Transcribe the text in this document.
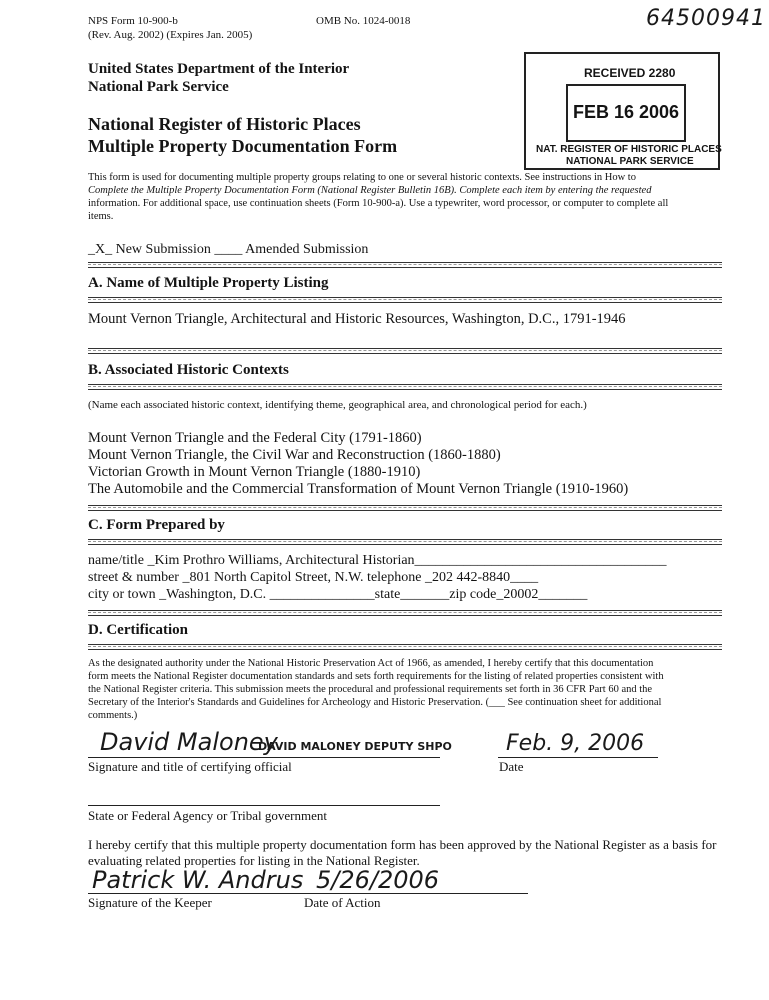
NPS Form 10-900-b	OMB No. 1024-0018
(Rev. Aug. 2002) (Expires Jan. 2005)
64500941
United States Department of the Interior
National Park Service
National Register of Historic Places
Multiple Property Documentation Form
RECEIVED 2280
FEB 16 2006
NAT. REGISTER OF HISTORIC PLACES
NATIONAL PARK SERVICE
This form is used for documenting multiple property groups relating to one or several historic contexts. See instructions in How to
Complete the Multiple Property Documentation Form (National Register Bulletin 16B). Complete each item by entering the requested
information. For additional space, use continuation sheets (Form 10-900-a). Use a typewriter, word processor, or computer to complete all
items.
_X_ New Submission ____ Amended Submission
A. Name of Multiple Property Listing
Mount Vernon Triangle, Architectural and Historic Resources, Washington, D.C., 1791-1946
B. Associated Historic Contexts
(Name each associated historic context, identifying theme, geographical area, and chronological period for each.)
Mount Vernon Triangle and the Federal City (1791-1860)
Mount Vernon Triangle, the Civil War and Reconstruction (1860-1880)
Victorian Growth in Mount Vernon Triangle (1880-1910)
The Automobile and the Commercial Transformation of Mount Vernon Triangle (1910-1960)
C. Form Prepared by
name/title _Kim Prothro Williams, Architectural Historian____________________________________
street & number _801 North Capitol Street, N.W. telephone _202 442-8840____
city or town _Washington, D.C. _______________state_______zip code_20002_______
D. Certification
As the designated authority under the National Historic Preservation Act of 1966, as amended, I hereby certify that this documentation
form meets the National Register documentation standards and sets forth requirements for the listing of related properties consistent with
the National Register criteria. This submission meets the procedural and professional requirements set forth in 36 CFR Part 60 and the
Secretary of the Interior's Standards and Guidelines for Archeology and Historic Preservation. (___ See continuation sheet for additional
comments.)
David Maloney
DAVID MALONEY DEPUTY SHPO Feb. 9, 2006
Signature and title of certifying official	Date
State or Federal Agency or Tribal government
I hereby certify that this multiple property documentation form has been approved by the National Register as a basis for
evaluating related properties for listing in the National Register.
Patrick W. Andrus 5/26/2006
Signature of the Keeper	Date of Action
